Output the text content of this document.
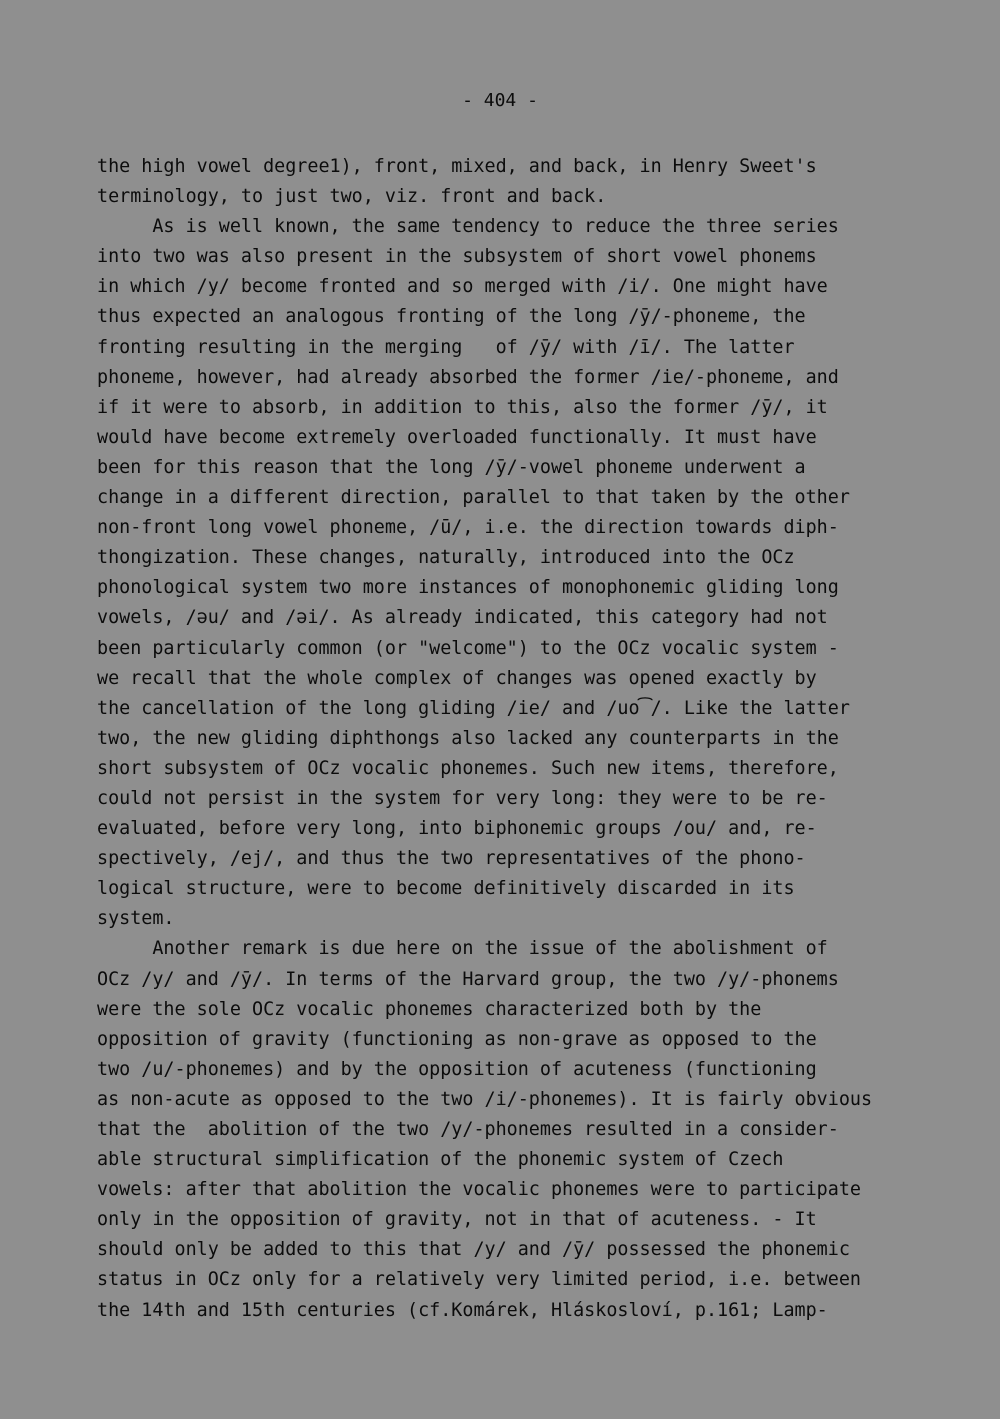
- 404 -
the high vowel degree1), front, mixed, and back, in Henry Sweet's
terminology, to just two, viz. front and back.
As is well known, the same tendency to reduce the three series
into two was also present in the subsystem of short vowel phonems
in which /y/ become fronted and so merged with /i/. One might have
thus expected an analogous fronting of the long /ȳ/-phoneme, the
fronting resulting in the merging   of /ȳ/ with /ī/. The latter
phoneme, however, had already absorbed the former /ie/-phoneme, and
if it were to absorb, in addition to this, also the former /ȳ/, it
would have become extremely overloaded functionally. It must have
been for this reason that the long /ȳ/-vowel phoneme underwent a
change in a different direction, parallel to that taken by the other
non-front long vowel phoneme, /ū/, i.e. the direction towards diph-
thongization. These changes, naturally, introduced into the OCz
phonological system two more instances of monophonemic gliding long
vowels, /əu/ and /əi/. As already indicated, this category had not
been particularly common (or "welcome") to the OCz vocalic system -
we recall that the whole complex of changes was opened exactly by
the cancellation of the long gliding /ie/ and /uo͡/. Like the latter
two, the new gliding diphthongs also lacked any counterparts in the
short subsystem of OCz vocalic phonemes. Such new items, therefore,
could not persist in the system for very long: they were to be re-
evaluated, before very long, into biphonemic groups /ou/ and, re-
spectively, /ej/, and thus the two representatives of the phono-
logical structure, were to become definitively discarded in its
system.
Another remark is due here on the issue of the abolishment of
OCz /y/ and /ȳ/. In terms of the Harvard group, the two /y/-phonems
were the sole OCz vocalic phonemes characterized both by the
opposition of gravity (functioning as non-grave as opposed to the
two /u/-phonemes) and by the opposition of acuteness (functioning
as non-acute as opposed to the two /i/-phonemes). It is fairly obvious
that the  abolition of the two /y/-phonemes resulted in a consider-
able structural simplification of the phonemic system of Czech
vowels: after that abolition the vocalic phonemes were to participate
only in the opposition of gravity, not in that of acuteness. - It
should only be added to this that /y/ and /ȳ/ possessed the phonemic
status in OCz only for a relatively very limited period, i.e. between
the 14th and 15th centuries (cf.Komárek, Hláskosloví, p.161; Lamp-
